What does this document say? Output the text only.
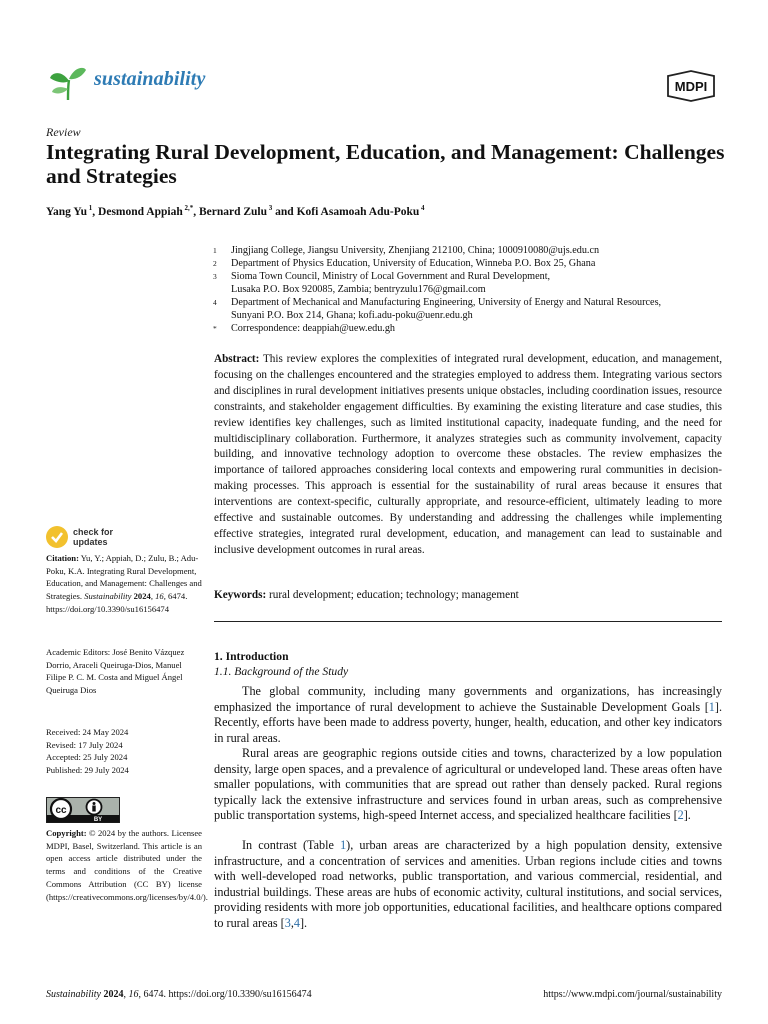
sustainability	MDPI
Review
Integrating Rural Development, Education, and Management: Challenges and Strategies
Yang Yu $^1$, Desmond Appiah $^{2,*}$, Bernard Zulu $^3$ and Kofi Asamoah Adu-Poku $^4$
1	Jingjiang College, Jiangsu University, Zhenjiang 212100, China; 1000910080@ujs.edu.cn
2	Department of Physics Education, University of Education, Winneba P.O. Box 25, Ghana
3	Sioma Town Council, Ministry of Local Government and Rural Development,
Lusaka P.O. Box 920085, Zambia; bentryzulu176@gmail.com
4	Department of Mechanical and Manufacturing Engineering, University of Energy and Natural Resources,
Sunyani P.O. Box 214, Ghana; kofi.adu-poku@uenr.edu.gh
*	Correspondence: deappiah@uew.edu.gh
Abstract: This review explores the complexities of integrated rural development, education, and management, focusing on the challenges encountered and the strategies employed to address them. Integrating various sectors and disciplines in rural development initiatives presents unique obstacles, including coordination issues, resource constraints, and stakeholder engagement difficulties. By examining the existing literature and case studies, this review identifies key challenges, such as limited institutional capacity, inadequate funding, and the need for multidisciplinary collaboration. Furthermore, it analyzes strategies such as community involvement, capacity building, and innovative technology adoption to overcome these obstacles. The review emphasizes the importance of tailored approaches considering local contexts and empowering rural communities in decision-making processes. This approach is essential for the sustainability of rural areas because it ensures that interventions are context-specific, culturally appropriate, and resource-efficient, ultimately leading to more effective and sustainable outcomes. By understanding and addressing the challenges while implementing effective strategies, integrated rural development, education, and management can lead to sustainable and inclusive development outcomes in rural areas.
Keywords: rural development; education; technology; management
check for
updates
Citation: Yu, Y.; Appiah, D.; Zulu, B.; Adu-Poku, K.A. Integrating Rural Development, Education, and Management: Challenges and Strategies. Sustainability 2024, 16, 6474. https://doi.org/10.3390/su16156474
Academic Editors: José Benito Vázquez Dorrio, Araceli Queiruga-Dios, Manuel Filipe P. C. M. Costa and Miguel Ángel Queiruga Dios
Received: 24 May 2024
Revised: 17 July 2024
Accepted: 25 July 2024
Published: 29 July 2024
cc
BY
Copyright: © 2024 by the authors. Licensee MDPI, Basel, Switzerland. This article is an open access article distributed under the terms and conditions of the Creative Commons Attribution (CC BY) license (https://creativecommons.org/licenses/by/4.0/).
1. Introduction
1.1. Background of the Study
The global community, including many governments and organizations, has increasingly emphasized the importance of rural development to achieve the Sustainable Development Goals [1]. Recently, efforts have been made to address poverty, hunger, health, education, and other key indicators in rural areas.
Rural areas are geographic regions outside cities and towns, characterized by a low population density, large open spaces, and a prevalence of agricultural or undeveloped land. These areas often have smaller populations, with communities that are spread out rather than densely packed. Rural regions typically lack the extensive infrastructure and services found in urban areas, such as comprehensive public transportation systems, high-speed Internet access, and specialized healthcare facilities [2].
In contrast (Table 1), urban areas are characterized by a high population density, extensive infrastructure, and a concentration of services and amenities. Urban regions include cities and towns with well-developed road networks, public transportation, and various commercial, residential, and industrial buildings. These areas are hubs of economic activity, cultural institutions, and social services, providing residents with more job opportunities, educational facilities, and healthcare options compared to rural areas [3,4].
Sustainability 2024, 16, 6474. https://doi.org/10.3390/su16156474	https://www.mdpi.com/journal/sustainability
